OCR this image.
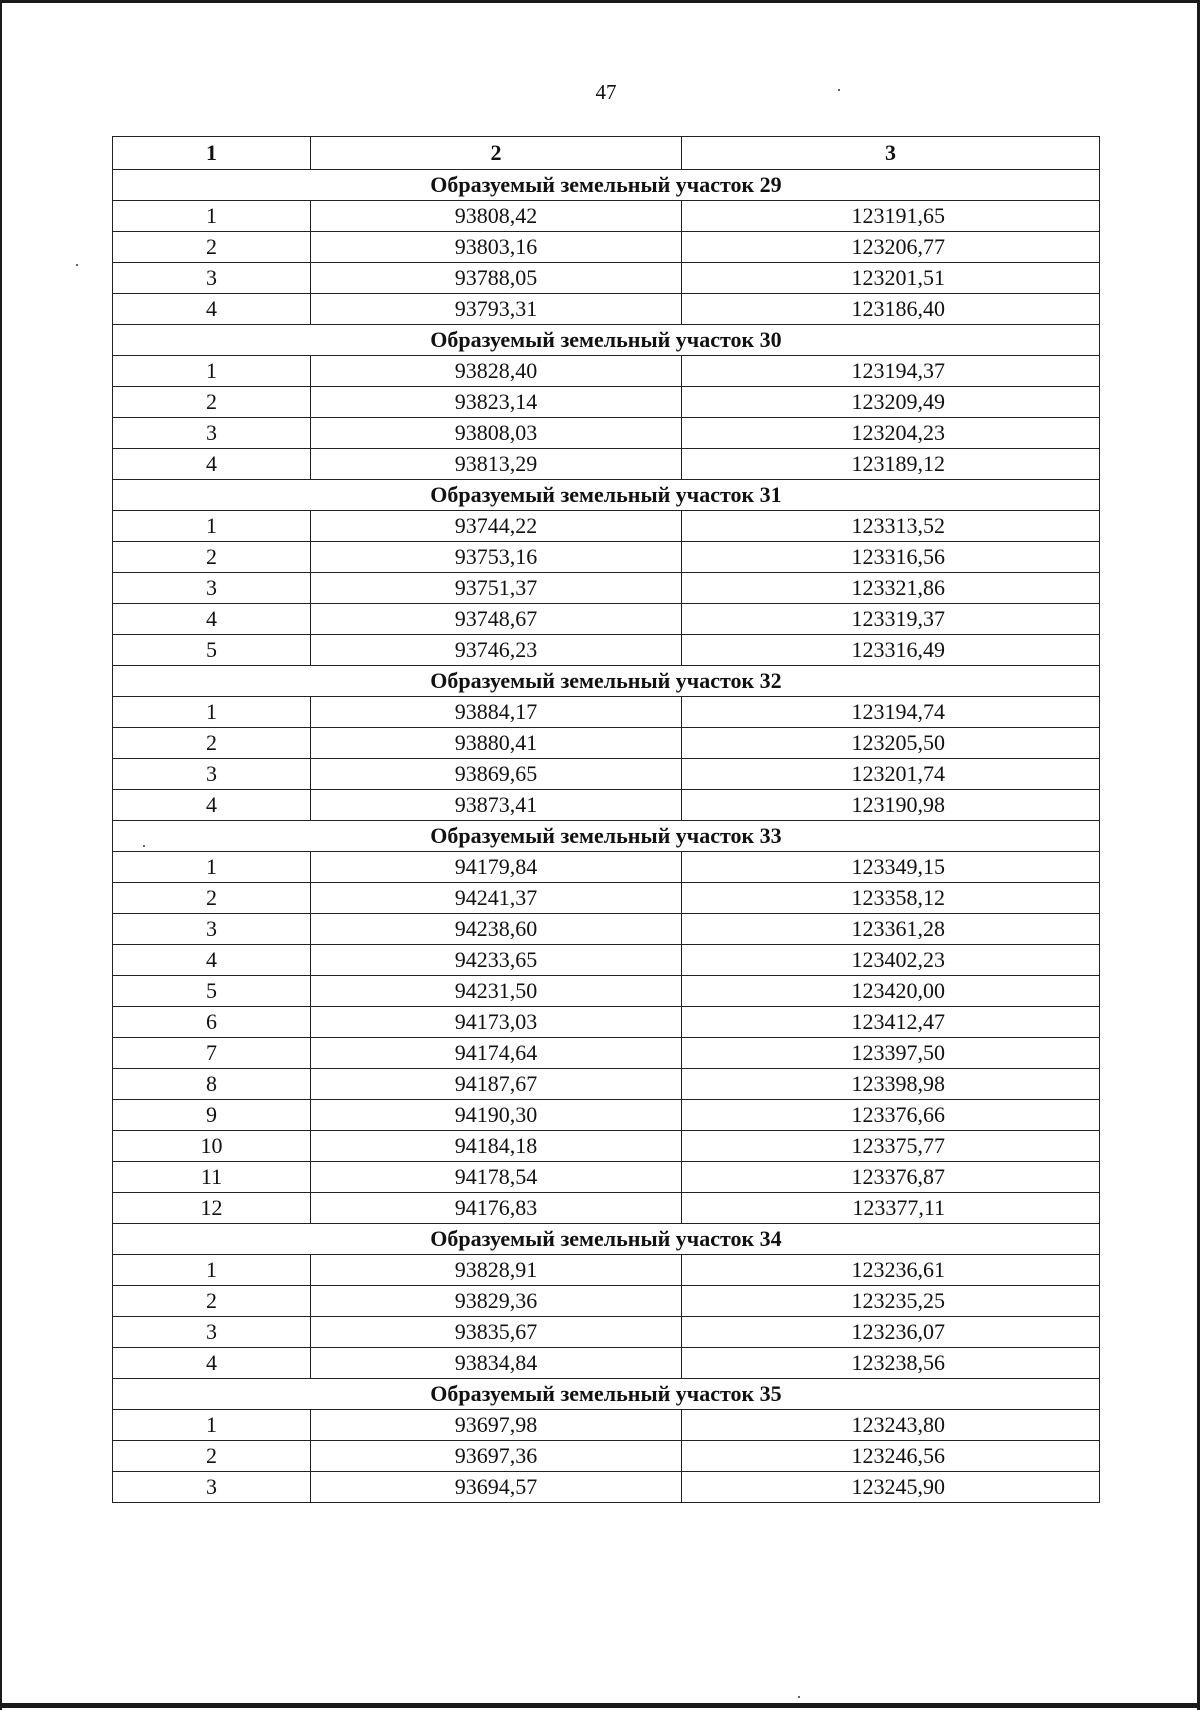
47
1	2	3
Образуемый земельный участок 29		
1	93808,42	123191,65
2	93803,16	123206,77
3	93788,05	123201,51
4	93793,31	123186,40
Образуемый земельный участок 30		
1	93828,40	123194,37
2	93823,14	123209,49
3	93808,03	123204,23
4	93813,29	123189,12
Образуемый земельный участок 31		
1	93744,22	123313,52
2	93753,16	123316,56
3	93751,37	123321,86
4	93748,67	123319,37
5	93746,23	123316,49
Образуемый земельный участок 32		
1	93884,17	123194,74
2	93880,41	123205,50
3	93869,65	123201,74
4	93873,41	123190,98
Образуемый земельный участок 33		
1	94179,84	123349,15
2	94241,37	123358,12
3	94238,60	123361,28
4	94233,65	123402,23
5	94231,50	123420,00
6	94173,03	123412,47
7	94174,64	123397,50
8	94187,67	123398,98
9	94190,30	123376,66
10	94184,18	123375,77
11	94178,54	123376,87
12	94176,83	123377,11
Образуемый земельный участок 34		
1	93828,91	123236,61
2	93829,36	123235,25
3	93835,67	123236,07
4	93834,84	123238,56
Образуемый земельный участок 35		
1	93697,98	123243,80
2	93697,36	123246,56
3	93694,57	123245,90
